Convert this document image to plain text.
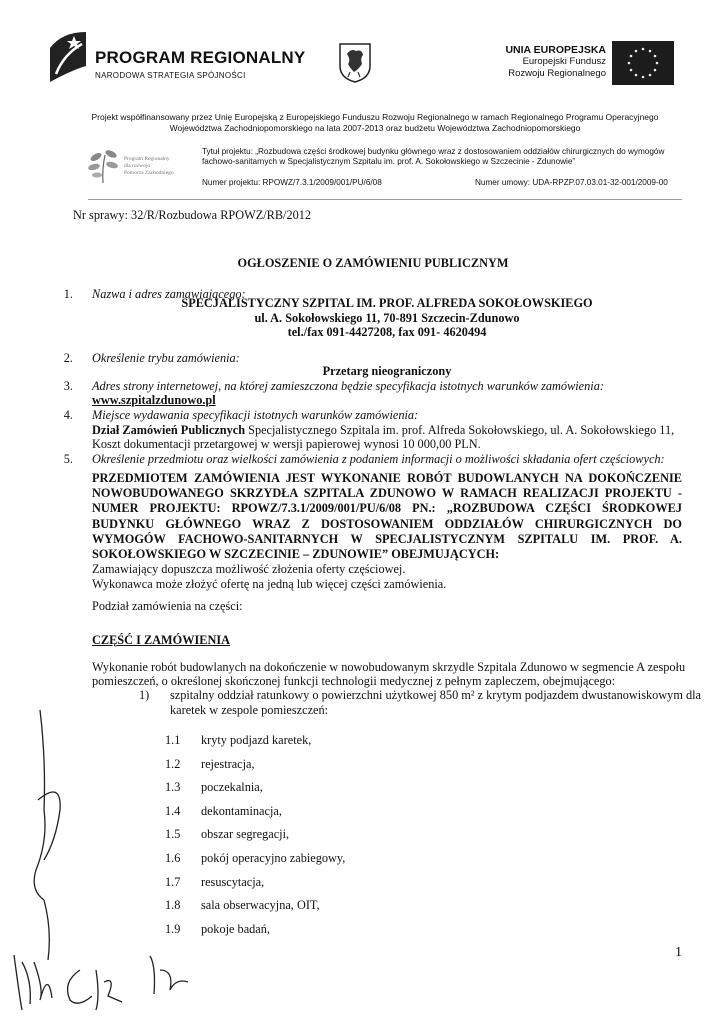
PROGRAM REGIONALNY
NARODOWA STRATEGIA SPÓJNOŚCI
UNIA EUROPEJSKA
Europejski Fundusz
Rozwoju Regionalnego
Projekt współfinansowany przez Unię Europejską z Europejskiego Funduszu Rozwoju Regionalnego w ramach Regionalnego Programu Operacyjnego
Województwa Zachodniopomorskiego na lata 2007-2013 oraz budżetu Województwa Zachodniopomorskiego
Program Regionalny
dla rozwoju
Pomorza Zachodniego
Tytuł projektu: „Rozbudowa części środkowej budynku głównego wraz z dostosowaniem oddziałów chirurgicznych do wymogów fachowo-sanitarnych w Specjalistycznym Szpitalu im. prof. A. Sokołowskiego w Szczecinie - Zdunowie”
Numer projektu: RPOWZ/7.3.1/2009/001/PU/6/08	Numer umowy: UDA-RPZP.07.03.01-32-001/2009-00
Nr sprawy: 32/R/Rozbudowa RPOWZ/RB/2012
OGŁOSZENIE O ZAMÓWIENIU PUBLICZNYM
1. Nazwa i adres zamawiającego:
SPECJALISTYCZNY SZPITAL IM. PROF. ALFREDA SOKOŁOWSKIEGO
ul. A. Sokołowskiego 11, 70-891 Szczecin-Zdunowo
tel./fax 091-4427208, fax 091- 4620494
2. Określenie trybu zamówienia:
Przetarg nieograniczony
3. Adres strony internetowej, na której zamieszczona będzie specyfikacja istotnych warunków zamówienia:
www.szpitalzdunowo.pl
4. Miejsce wydawania specyfikacji istotnych warunków zamówienia:
Dział Zamówień Publicznych Specjalistycznego Szpitala im. prof. Alfreda Sokołowskiego, ul. A. Sokołowskiego 11,
Koszt dokumentacji przetargowej w wersji papierowej wynosi 10 000,00 PLN.
5. Określenie przedmiotu oraz wielkości zamówienia z podaniem informacji o możliwości składania ofert częściowych:
PRZEDMIOTEM ZAMÓWIENIA JEST WYKONANIE ROBÓT BUDOWLANYCH NA DOKOŃCZENIE NOWOBUDOWANEGO SKRZYDŁA SZPITALA ZDUNOWO W RAMACH REALIZACJI PROJEKTU - NUMER PROJEKTU: RPOWZ/7.3.1/2009/001/PU/6/08 PN.: „ROZBUDOWA CZĘŚCI ŚRODKOWEJ BUDYNKU GŁÓWNEGO WRAZ Z DOSTOSOWANIEM ODDZIAŁÓW CHIRURGICZNYCH DO WYMOGÓW FACHOWO-SANITARNYCH W SPECJALISTYCZNYM SZPITALU IM. PROF. A. SOKOŁOWSKIEGO W SZCZECINIE – ZDUNOWIE” OBEJMUJĄCYCH:
Zamawiający dopuszcza możliwość złożenia oferty częściowej.
Wykonawca może złożyć ofertę na jedną lub więcej części zamówienia.
Podział zamówienia na części:
CZĘŚĆ I ZAMÓWIENIA
Wykonanie robót budowlanych na dokończenie w nowobudowanym skrzydle Szpitala Zdunowo w segmencie A zespołu
pomieszczeń, o określonej skończonej funkcji technologii medycznej z pełnym zapleczem, obejmującego:
1) szpitalny oddział ratunkowy o powierzchni użytkowej 850 m² z krytym podjazdem dwustanowiskowym dla
karetek w zespole pomieszczeń:
1.1 kryty podjazd karetek,
1.2 rejestracja,
1.3 poczekalnia,
1.4 dekontaminacja,
1.5 obszar segregacji,
1.6 pokój operacyjno zabiegowy,
1.7 resuscytacja,
1.8 sala obserwacyjna, OIT,
1.9 pokoje badań,
1
